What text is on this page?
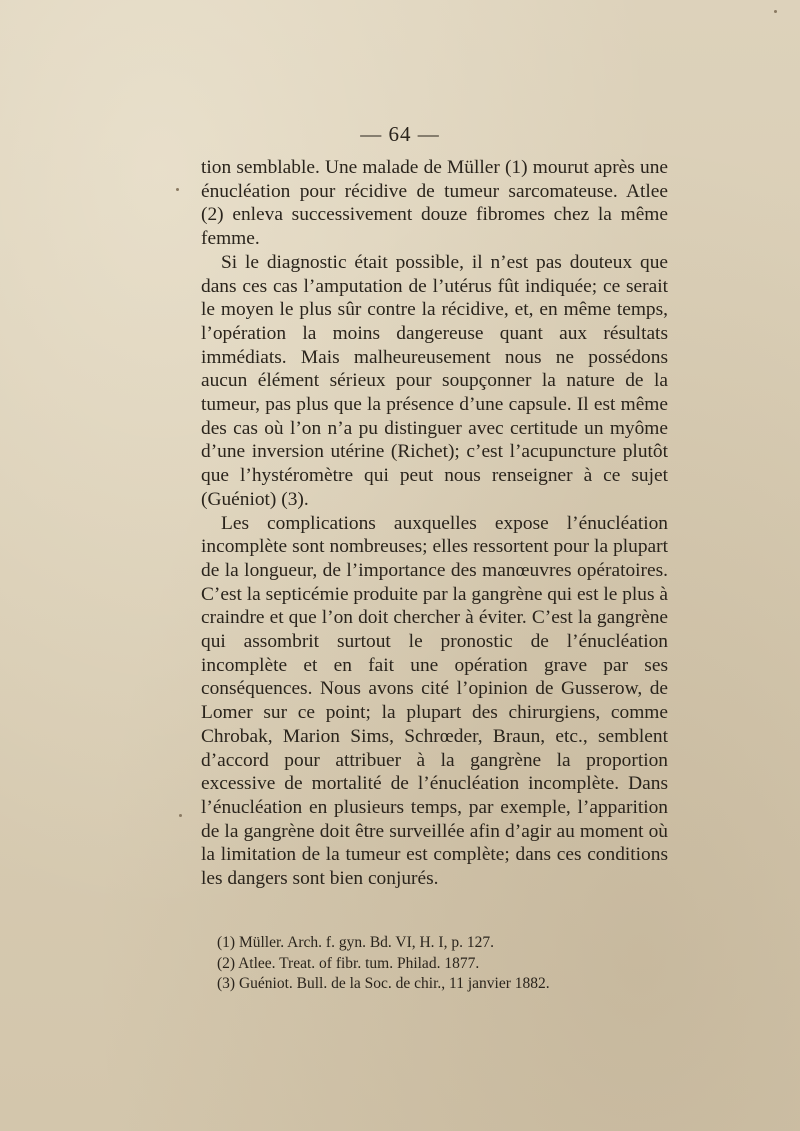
— 64 —

tion semblable. Une malade de Müller (1) mourut après une énucléation pour récidive de tumeur sarcomateuse. Atlee (2) enleva successivement douze fibromes chez la même femme.

Si le diagnostic était possible, il n’est pas douteux que dans ces cas l’amputation de l’utérus fût indiquée; ce serait le moyen le plus sûr contre la récidive, et, en même temps, l’opération la moins dangereuse quant aux résultats immédiats. Mais malheureusement nous ne possédons aucun élément sérieux pour soupçonner la nature de la tumeur, pas plus que la présence d’une capsule. Il est même des cas où l’on n’a pu distinguer avec certitude un myôme d’une inversion utérine (Richet); c’est l’acupuncture plutôt que l’hystéromètre qui peut nous renseigner à ce sujet (Guéniot) (3).

Les complications auxquelles expose l’énucléation incomplète sont nombreuses; elles ressortent pour la plupart de la longueur, de l’importance des manœuvres opératoires. C’est la septicémie produite par la gangrène qui est le plus à craindre et que l’on doit chercher à éviter. C’est la gangrène qui assombrit surtout le pronostic de l’énucléation incomplète et en fait une opération grave par ses conséquences. Nous avons cité l’opinion de Gusserow, de Lomer sur ce point; la plupart des chirurgiens, comme Chrobak, Marion Sims, Schrœder, Braun, etc., semblent d’accord pour attribuer à la gangrène la proportion excessive de mortalité de l’énucléation incomplète. Dans l’énucléation en plusieurs temps, par exemple, l’apparition de la gangrène doit être surveillée afin d’agir au moment où la limitation de la tumeur est complète; dans ces conditions les dangers sont bien conjurés.

(1) Müller. Arch. f. gyn. Bd. VI, H. I, p. 127.
(2) Atlee. Treat. of fibr. tum. Philad. 1877.
(3) Guéniot. Bull. de la Soc. de chir., 11 janvier 1882.
